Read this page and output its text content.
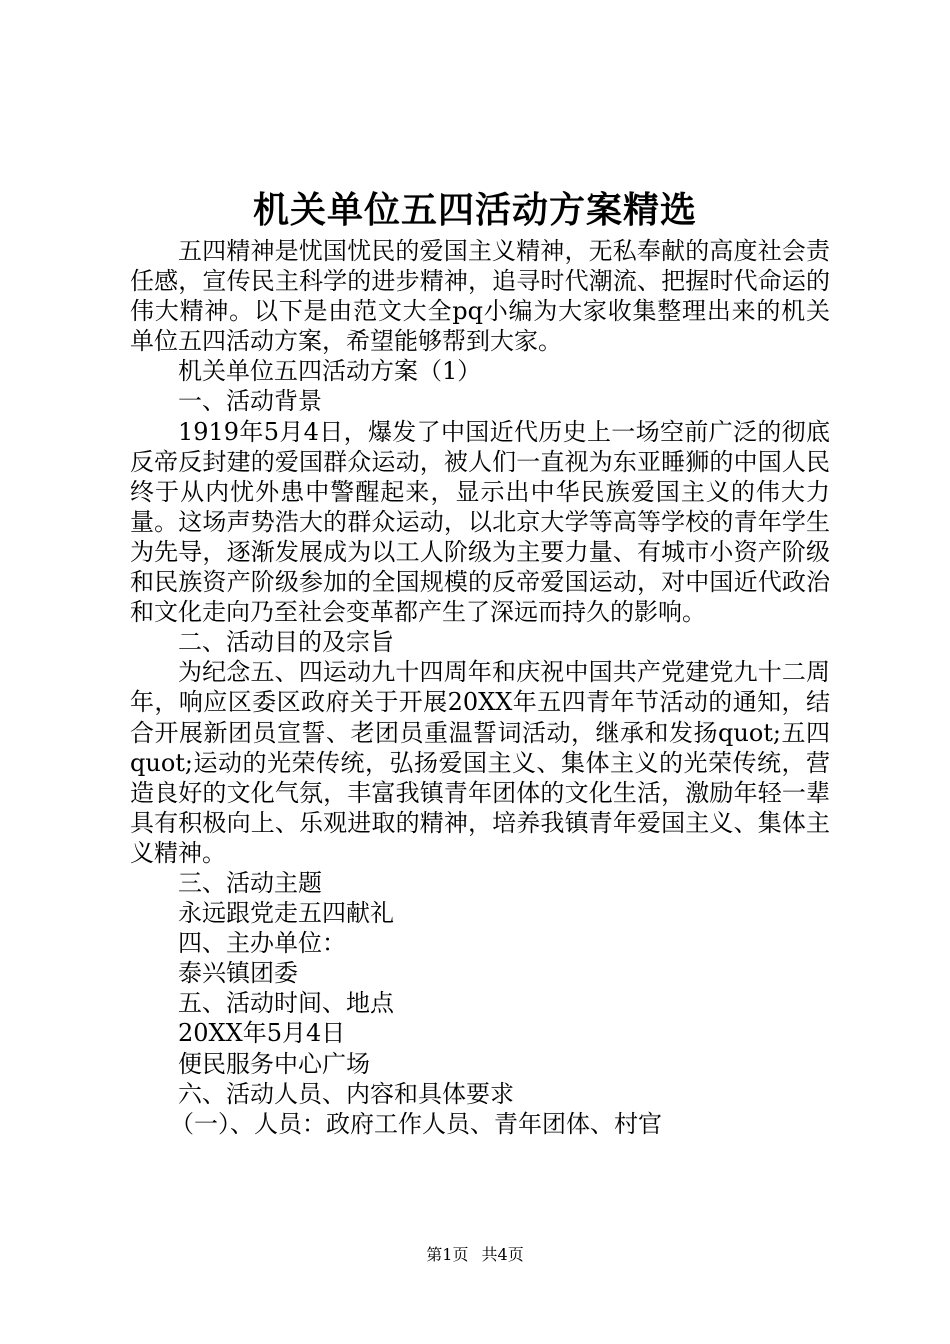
机关单位五四活动方案精选

五四精神是忧国忧民的爱国主义精神，无私奉献的高度社会责任感，宣传民主科学的进步精神，追寻时代潮流、把握时代命运的伟大精神。以下是由范文大全pq小编为大家收集整理出来的机关单位五四活动方案，希望能够帮到大家。

机关单位五四活动方案（1）

一、活动背景

1919年5月4日，爆发了中国近代历史上一场空前广泛的彻底反帝反封建的爱国群众运动，被人们一直视为东亚睡狮的中国人民终于从内忧外患中警醒起来，显示出中华民族爱国主义的伟大力量。这场声势浩大的群众运动，以北京大学等高等学校的青年学生为先导，逐渐发展成为以工人阶级为主要力量、有城市小资产阶级和民族资产阶级参加的全国规模的反帝爱国运动，对中国近代政治和文化走向乃至社会变革都产生了深远而持久的影响。

二、活动目的及宗旨

为纪念五、四运动九十四周年和庆祝中国共产党建党九十二周年，响应区委区政府关于开展20XX年五四青年节活动的通知，结合开展新团员宣誓、老团员重温誓词活动，继承和发扬quot;五四quot;运动的光荣传统，弘扬爱国主义、集体主义的光荣传统，营造良好的文化气氛，丰富我镇青年团体的文化生活，激励年轻一辈具有积极向上、乐观进取的精神，培养我镇青年爱国主义、集体主义精神。

三、活动主题

永远跟党走五四献礼

四、主办单位：

泰兴镇团委

五、活动时间、地点

20XX年5月4日

便民服务中心广场

六、活动人员、内容和具体要求

（一）、人员：政府工作人员、青年团体、村官

第1页 共4页
